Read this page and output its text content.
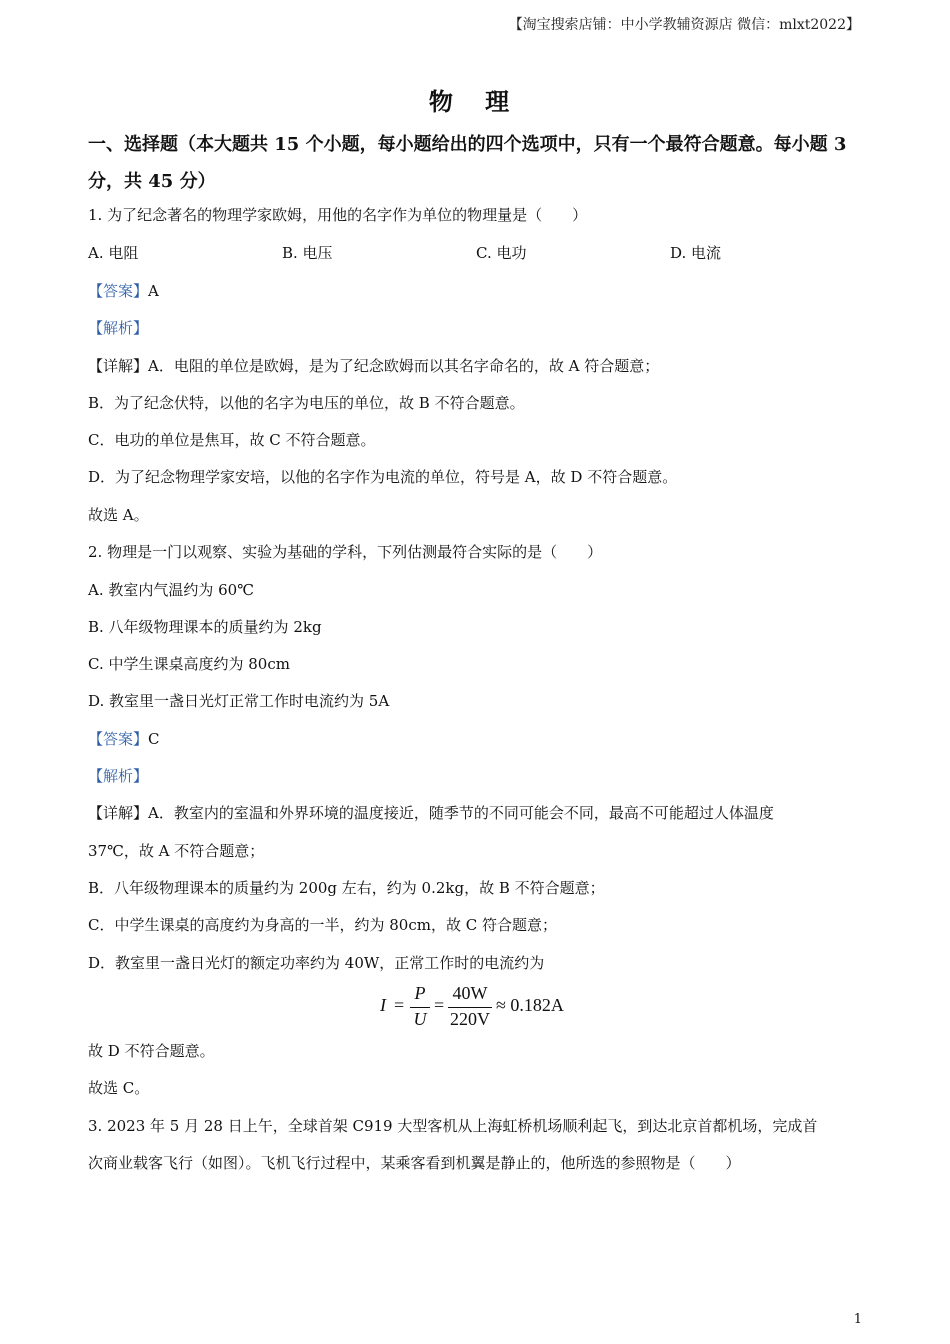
【淘宝搜索店铺：中小学教辅资源店 微信：mlxt2022】
物 理
一、选择题（本大题共 15 个小题，每小题给出的四个选项中，只有一个最符合题意。每小题 3 分，共 45 分）
1. 为了纪念著名的物理学家欧姆，用他的名字作为单位的物理量是（　　）
A. 电阻	B. 电压	C. 电功	D. 电流
【答案】A
【解析】
【详解】A．电阻的单位是欧姆，是为了纪念欧姆而以其名字命名的，故 A 符合题意；
B．为了纪念伏特，以他的名字为电压的单位，故 B 不符合题意。
C．电功的单位是焦耳，故 C 不符合题意。
D．为了纪念物理学家安培，以他的名字作为电流的单位，符号是 A，故 D 不符合题意。
故选 A。
2. 物理是一门以观察、实验为基础的学科，下列估测最符合实际的是（　　）
A. 教室内气温约为 60℃
B. 八年级物理课本的质量约为 2kg
C. 中学生课桌高度约为 80cm
D. 教室里一盏日光灯正常工作时电流约为 5A
【答案】C
【解析】
【详解】A．教室内的室温和外界环境的温度接近，随季节的不同可能会不同，最高不可能超过人体温度
37℃，故 A 不符合题意；
B．八年级物理课本的质量约为 200g 左右，约为 0.2kg，故 B 不符合题意；
C．中学生课桌的高度约为身高的一半，约为 80cm，故 C 符合题意；
D．教室里一盏日光灯的额定功率约为 40W，正常工作时的电流约为
I =
P
U
=
40W
220V
≈ 0.182A
故 D 不符合题意。
故选 C。
3. 2023 年 5 月 28 日上午，全球首架 C919 大型客机从上海虹桥机场顺利起飞，到达北京首都机场，完成首
次商业载客飞行（如图）。飞机飞行过程中，某乘客看到机翼是静止的，他所选的参照物是（　　）
1
